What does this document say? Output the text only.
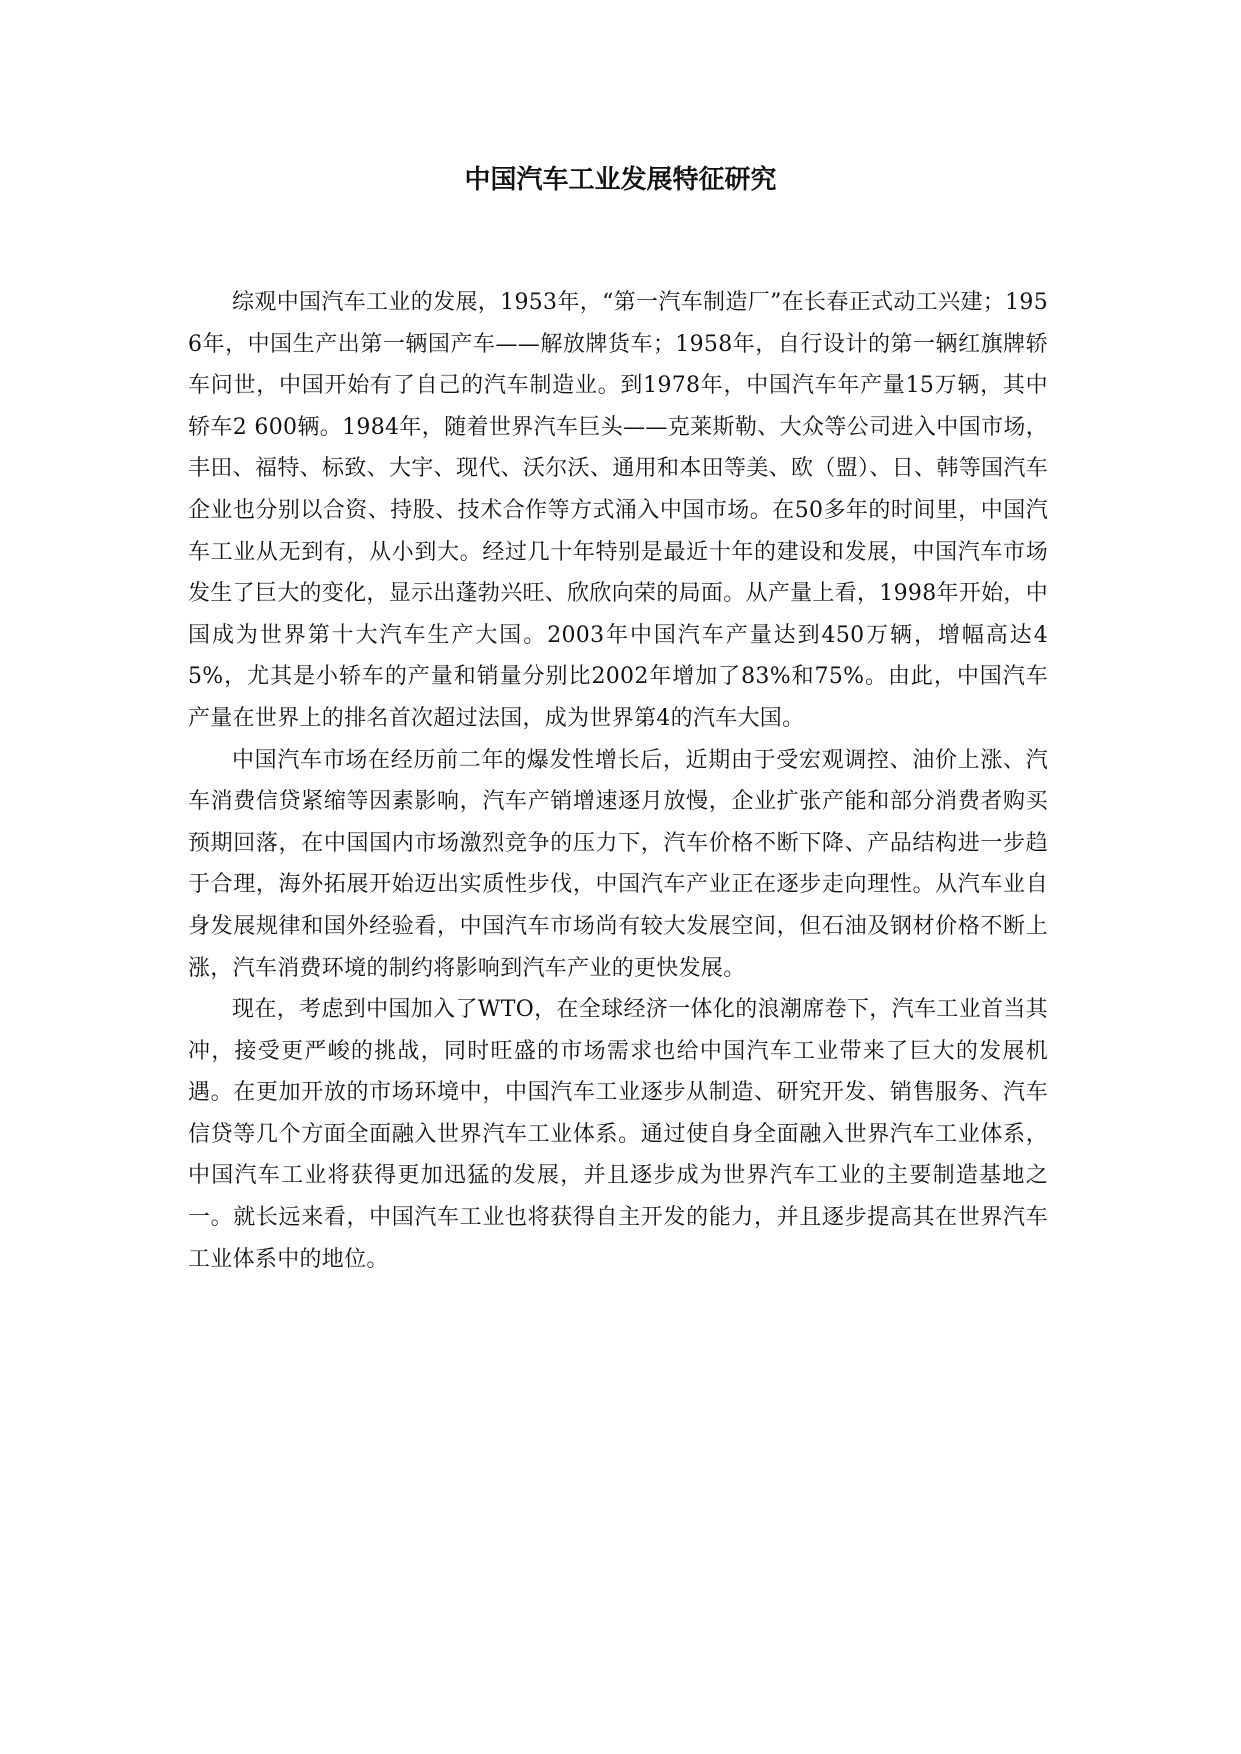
中国汽车工业发展特征研究

综观中国汽车工业的发展，1953年，“第一汽车制造厂”在长春正式动工兴建；1956年，中国生产出第一辆国产车——解放牌货车；1958年，自行设计的第一辆红旗牌轿车问世，中国开始有了自己的汽车制造业。到1978年，中国汽车年产量15万辆，其中轿车2 600辆。1984年，随着世界汽车巨头——克莱斯勒、大众等公司进入中国市场，丰田、福特、标致、大宇、现代、沃尔沃、通用和本田等美、欧（盟）、日、韩等国汽车企业也分别以合资、持股、技术合作等方式涌入中国市场。在50多年的时间里，中国汽车工业从无到有，从小到大。经过几十年特别是最近十年的建设和发展，中国汽车市场发生了巨大的变化，显示出蓬勃兴旺、欣欣向荣的局面。从产量上看，1998年开始，中国成为世界第十大汽车生产大国。2003年中国汽车产量达到450万辆，增幅高达45%，尤其是小轿车的产量和销量分别比2002年增加了83%和75%。由此，中国汽车产量在世界上的排名首次超过法国，成为世界第4的汽车大国。

中国汽车市场在经历前二年的爆发性增长后，近期由于受宏观调控、油价上涨、汽车消费信贷紧缩等因素影响，汽车产销增速逐月放慢，企业扩张产能和部分消费者购买预期回落，在中国国内市场激烈竞争的压力下，汽车价格不断下降、产品结构进一步趋于合理，海外拓展开始迈出实质性步伐，中国汽车产业正在逐步走向理性。从汽车业自身发展规律和国外经验看，中国汽车市场尚有较大发展空间，但石油及钢材价格不断上涨，汽车消费环境的制约将影响到汽车产业的更快发展。

现在，考虑到中国加入了WTO，在全球经济一体化的浪潮席卷下，汽车工业首当其冲，接受更严峻的挑战，同时旺盛的市场需求也给中国汽车工业带来了巨大的发展机遇。在更加开放的市场环境中，中国汽车工业逐步从制造、研究开发、销售服务、汽车信贷等几个方面全面融入世界汽车工业体系。通过使自身全面融入世界汽车工业体系，中国汽车工业将获得更加迅猛的发展，并且逐步成为世界汽车工业的主要制造基地之一。就长远来看，中国汽车工业也将获得自主开发的能力，并且逐步提高其在世界汽车工业体系中的地位。
